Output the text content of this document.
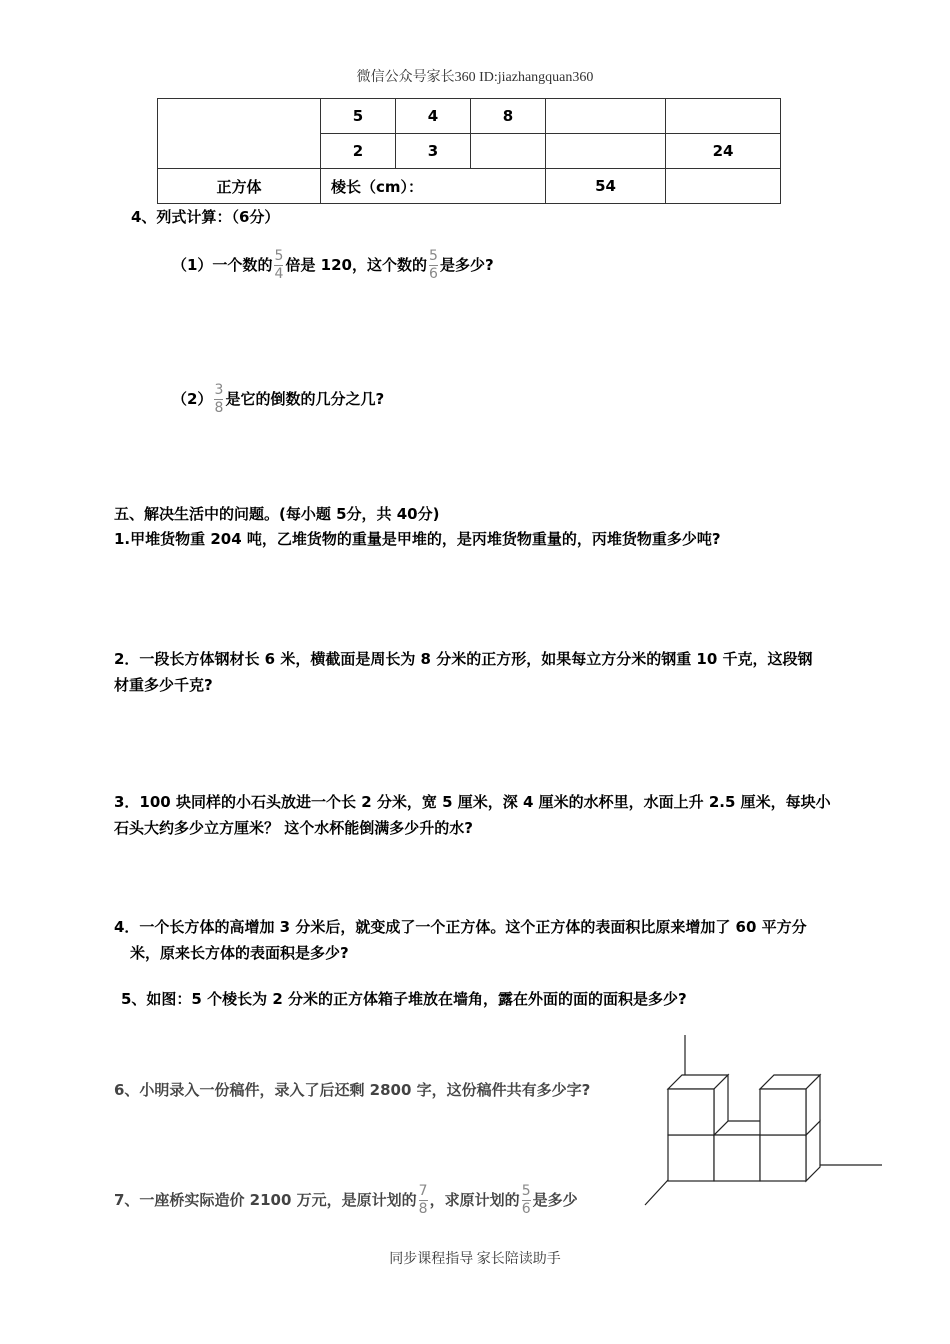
微信公众号家长360 ID:jiazhangquan360
	5	4	8		
	2	3			24
正方体	棱长（cm）：			54	
4、列式计算：（6分）
（1）一个数的 $\frac{5}{4}$ 倍是 120，这个数的 $\frac{5}{6}$ 是多少?
$(2) \frac{3}{8}$ 是它的倒数的几分之几?
五、解决生活中的问题。(每小题 5分，共 40分)
1.甲堆货物重 204 吨，乙堆货物的重量是甲堆的，是丙堆货物重量的，丙堆货物重多少吨?
2．一段长方体钢材长 6 米，横截面是周长为 8 分米的正方形，如果每立方分米的钢重 10 千克，这段钢
材重多少千克?
3．100 块同样的小石头放进一个长 2 分米，宽 5 厘米，深 4 厘米的水杯里，水面上升 2.5 厘米，每块小
石头大约多少立方厘米？ 这个水杯能倒满多少升的水?
4．一个长方体的高增加 3 分米后，就变成了一个正方体。这个正方体的表面积比原来增加了 60 平方分
米，原来长方体的表面积是多少?
5、如图：5 个棱长为 2 分米的正方体箱子堆放在墙角，露在外面的面的面积是多少?
6、小明录入一份稿件，录入了后还剩 2800 字，这份稿件共有多少字?
7、一座桥实际造价 2100 万元，是原计划的 $\frac{7}{8}$ ，求原计划的 $\frac{5}{6}$ 是多少
同步课程指导 家长陪读助手
